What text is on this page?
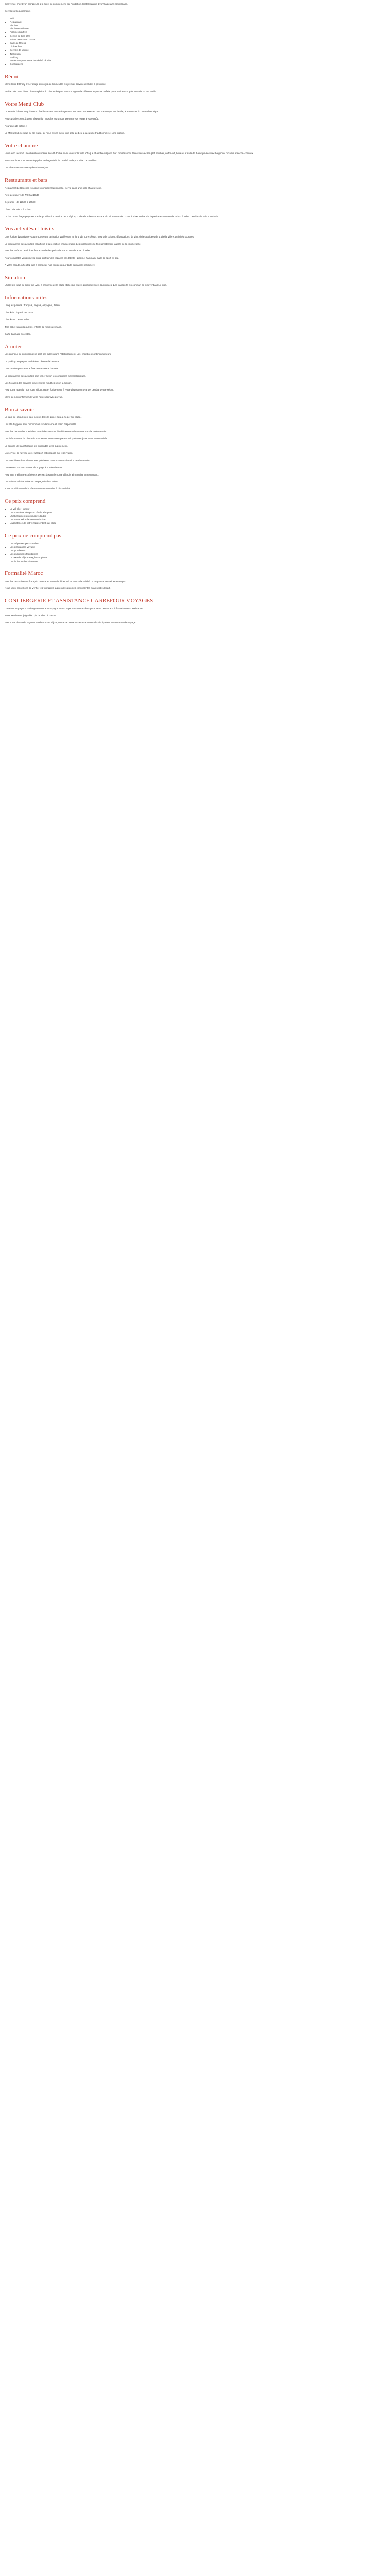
Bienvenue chez Lyon compteurs à la suite de complément par Fondation Castelepargne Lyon/Castelaire-Saint Claire.

Services et équipements

• Wifi
• Restaurant
• Piscine
• Piscine extérieure
• Piscine chauffée
• Centre de bien-être
• Salon - Hammam - Spa
• Salle de fitness
• Club enfant
• Service de voiture
• Télévision
• Parking
• Accès aux personnes à mobilité réduite
• Conciergerie
Réunit

Menú Club D'Orsay © 1er étage du corps de l'immeuble en premier service de l'hôtel à proximité

Profitez de notre décor : l'atmosphère du chic et élégant en compagnie de différents espaces parfaits pour venir en couple, en amis ou en famille.

Votre Menú Club

Le Menú Club D'Orsay ® est un établissement du 4e étage avec ses deux terrasses et une vue unique sur la ville, à 3 minutes du centre historique.

Nos cuisiniers sont à votre disposition tous les jours pour préparer vos repas à votre goût.

Pour plus de détails :

Le Menú Club se situe au 4e étage, où nous avons aussi une salle dédiée à la cuisine traditionnelle et une piscine.

Votre chambre

Vous avez réservé une chambre supérieure à lit double avec vue sur la ville. Chaque chambre dispose de : climatisation, télévision à écran plat, minibar, coffre-fort, bureau et salle de bains privée avec baignoire, douche et sèche-cheveux.

Nos chambres sont toutes équipées de linge de lit de qualité et de produits d'accueil bio.

Les chambres sont nettoyées chaque jour.

Restaurants et bars

Restaurant Le Bouchon : cuisine lyonnaise traditionnelle, servie dans une salle chaleureuse.

Petit-déjeuner : de 7h00 à 10h30

Déjeuner : de 12h00 à 14h30

Dîner : de 19h00 à 22h30

Le bar du 4e étage propose une large sélection de vins de la région, cocktails et boissons sans alcool. Ouvert de 11h00 à 1h00. Le bar de la piscine est ouvert de 11h00 à 19h00 pendant la saison estivale.

Vos activités et loisirs

Une équipe dynamique vous propose une animation variée tout au long de votre séjour : cours de cuisine, dégustations de vins, visites guidées de la vieille ville et activités sportives.

Le programme des activités est affiché à la réception chaque matin. Les inscriptions se font directement auprès de la conciergerie.

Pour les enfants : le club enfant accueille les petits de 4 à 12 ans de 9h00 à 18h00.

Pour compléter, vous pouvez aussi profiter des espaces de détente : piscine, hammam, salle de sport et spa.

À votre écoute, n'hésitez pas à contacter nos équipes pour toute demande particulière.

Situation

L'hôtel est situé au cœur de Lyon, à proximité de la place Bellecour et des principaux sites touristiques. Les transports en commun se trouvent à deux pas.

Informations utiles

Langues parlées : français, anglais, espagnol, italien.

Check-in : à partir de 15h00

Check-out : avant 11h00

Tarif bébé : gratuit pour les enfants de moins de 2 ans.

Carte bancaire acceptée.

À noter

Les animaux de compagnie ne sont pas admis dans l'établissement. Les chambres sont non-fumeurs.

Le parking est payant et doit être réservé à l'avance.

Une caution pourra vous être demandée à l'arrivée.

Le programme des activités peut varier selon les conditions météorologiques.

Les horaires des services peuvent être modifiés selon la saison.

Pour toute question sur votre séjour, notre équipe reste à votre disposition avant et pendant votre séjour.

Merci de nous informer de votre heure d'arrivée prévue.

Bon à savoir

La taxe de séjour n'est pas incluse dans le prix et sera à régler sur place.

Les lits d'appoint sont disponibles sur demande et selon disponibilité.

Pour les demandes spéciales, merci de contacter l'établissement directement après la réservation.

Les informations de check-in vous seront transmises par e-mail quelques jours avant votre arrivée.

Le service de blanchisserie est disponible avec supplément.

Un service de navette vers l'aéroport est proposé sur réservation.

Les conditions d'annulation sont précisées dans votre confirmation de réservation.

Conservez vos documents de voyage à portée de main.

Pour une meilleure expérience, pensez à signaler toute allergie alimentaire au restaurant.

Les mineurs doivent être accompagnés d'un adulte.

Toute modification de la réservation est soumise à disponibilité.

Ce prix comprend
• Le vol aller - retour
• Les transferts aéroport / hôtel / aéroport
• L'hébergement en chambre double
• Les repas selon la formule choisie
• L'assistance de notre représentant sur place
Ce prix ne comprend pas
• Les dépenses personnelles
• Les assurances voyage
• Les pourboires
• Les excursions facultatives
• La taxe de séjour à régler sur place
• Les boissons hors formule
Formalité Maroc

Pour les ressortissants français, une carte nationale d'identité en cours de validité ou un passeport valide est requis.

Nous vous conseillons de vérifier les formalités auprès des autorités compétentes avant votre départ.

CONCIERGERIE ET ASSISTANCE CARREFOUR VOYAGES

Carrefour Voyages Conciergerie vous accompagne avant et pendant votre séjour pour toute demande d'information ou d'assistance.

Notre service est joignable 7j/7 de 9h00 à 19h00.

Pour toute demande urgente pendant votre séjour, contactez notre assistance au numéro indiqué sur votre carnet de voyage.
